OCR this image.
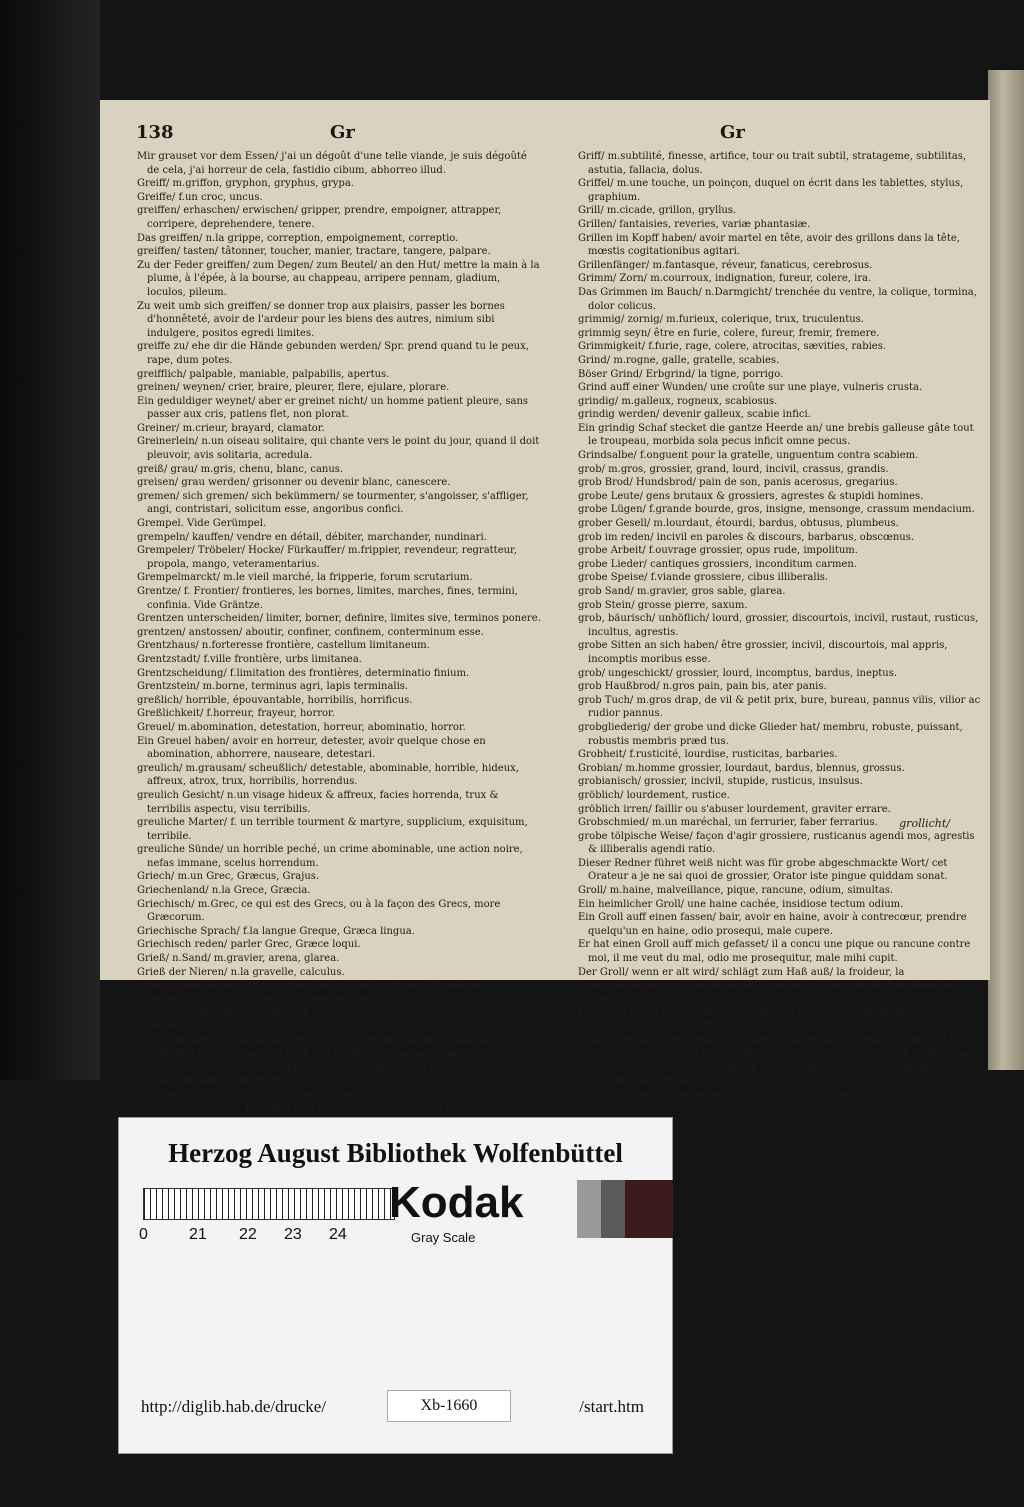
138	Gr	Gr

Mir grauset vor dem Essen/ j'ai un dégoût d'une telle viande, je suis dégoûté de cela, j'ai horreur de cela, fastidio cibum, abhorreo illud.

Greiff/ m.griffon, gryphon, gryphus, grypa.

Greiffe/ f.un croc, uncus.

greiffen/ erhaschen/ erwischen/ gripper, prendre, empoigner, attrapper, corripere, deprehendere, tenere.

Das greiffen/ n.la grippe, correption, empoignement, correptio.

greiffen/ tasten/ tâtonner, toucher, manier, tractare, tangere, palpare.

Zu der Feder greiffen/ zum Degen/ zum Beutel/ an den Hut/ mettre la main à la plume, à l'épée, à la bourse, au chappeau, arripere pennam, gladium, loculos, pileum.

Zu weit umb sich greiffen/ se donner trop aux plaisirs, passer les bornes d'honnêteté, avoir de l'ardeur pour les biens des autres, nimium sibi indulgere, positos egredi limites.

greiffe zu/ ehe dir die Hände gebunden werden/ Spr. prend quand tu le peux, rape, dum potes.

greifflich/ palpable, maniable, palpabilis, apertus.

greinen/ weynen/ crier, braire, pleurer, flere, ejulare, plorare.

Ein geduldiger weynet/ aber er greinet nicht/ un homme patient pleure, sans passer aux cris, patiens flet, non plorat.

Greiner/ m.crieur, brayard, clamator.

Greinerlein/ n.un oiseau solitaire, qui chante vers le point du jour, quand il doit pleuvoir, avis solitaria, acredula.

greiß/ grau/ m.gris, chenu, blanc, canus.

greisen/ grau werden/ grisonner ou devenir blanc, canescere.

gremen/ sich gremen/ sich bekümmern/ se tourmenter, s'angoisser, s'affliger, angi, contristari, solicitum esse, angoribus confici.

Grempel. Vide Gerümpel.

grempeln/ kauffen/ vendre en détail, débiter, marchander, nundinari.

Grempeler/ Tröbeler/ Hocke/ Fürkauffer/ m.frippier, revendeur, regratteur, propola, mango, veteramentarius.

Grempelmarckt/ m.le vieil marché, la fripperie, forum scrutarium.

Grentze/ f. Frontier/ frontieres, les bornes, limites, marches, fines, termini, confinia. Vide Gräntze.

Grentzen unterscheiden/ limiter, borner, definire, limites sive, terminos ponere.

grentzen/ anstossen/ aboutir, confiner, confinem, conterminum esse.

Grentzhaus/ n.forteresse frontière, castellum limitaneum.

Grentzstadt/ f.ville frontière, urbs limitanea.

Grentzscheidung/ f.limitation des frontières, determinatio finium.

Grentzstein/ m.borne, terminus agri, lapis terminalis.

greßlich/ horrible, épouvantable, horribilis, horrificus.

Greßlichkeit/ f.horreur, frayeur, horror.

Greuel/ m.abomination, detestation, horreur, abominatio, horror.

Ein Greuel haben/ avoir en horreur, detester, avoir quelque chose en abomination, abhorrere, nauseare, detestari.

greulich/ m.grausam/ scheußlich/ detestable, abominable, horrible, hideux, affreux, atrox, trux, horribilis, horrendus.

greulich Gesicht/ n.un visage hideux & affreux, facies horrenda, trux & terribilis aspectu, visu terribilis.

greuliche Marter/ f. un terrible tourment & martyre, supplicium, exquisitum, terribile.

greuliche Sünde/ un horrible peché, un crime abominable, une action noire, nefas immane, scelus horrendum.

Griech/ m.un Grec, Græcus, Grajus.

Griechenland/ n.la Grece, Græcia.

Griechisch/ m.Grec, ce qui est des Grecs, ou à la façon des Grecs, more Græcorum.

Griechische Sprach/ f.la langue Greque, Græca lingua.

Griechisch reden/ parler Grec, Græce loqui.

Grieß/ n.Sand/ m.gravier, arena, glarea.

Grieß der Nieren/ n.la gravelle, calculus.

griesgramen/ kirren/ grimacer les dents, faire la grimace, frendere.

griesselen/ avoir de l'horreur, horrere, pavere.

Es griesselt mir über den gantzen Leib/ tout le corps me tremble, toto corpore perhorresco.

Griesgrimmen/ n.indignation, depit, ennui, tædium, simultas, indignatio.

Grießmehl/ n.grosse farine à faire des bouillies, crimnum, crimnium.

Griff/ m.une poignée, autant qu'on peut empoigner d'une main, manipulus, quantum manu comprehendi potest.

Griff/ m.prise, arrachement, prehensio, tactus.

Griff Handhabe oder Henckel/ m.la poignée, le manche, ou l'anse, par où l'on

Griff/ m.subtilité, finesse, artifice, tour ou trait subtil, stratageme, subtilitas, astutia, fallacia, dolus.

Griffel/ m.une touche, un poinçon, duquel on écrit dans les tablettes, stylus, graphium.

Grill/ m.cicade, grillon, gryllus.

Grillen/ fantaisies, reveries, variæ phantasiæ.

Grillen im Kopff haben/ avoir martel en tête, avoir des grillons dans la tête, mœstis cogitationibus agitari.

Grillenfänger/ m.fantasque, réveur, fanaticus, cerebrosus.

Grimm/ Zorn/ m.courroux, indignation, fureur, colere, ira.

Das Grimmen im Bauch/ n.Darmgicht/ trenchée du ventre, la colique, tormina, dolor colicus.

grimmig/ zornig/ m.furieux, colerique, trux, truculentus.

grimmig seyn/ être en furie, colere, fureur, fremir, fremere.

Grimmigkeit/ f.furie, rage, colere, atrocitas, sævities, rabies.

Grind/ m.rogne, galle, gratelle, scabies.

Böser Grind/ Erbgrind/ la tigne, porrigo.

Grind auff einer Wunden/ une croûte sur une playe, vulneris crusta.

grindig/ m.galleux, rogneux, scabiosus.

grindig werden/ devenir galleux, scabie infici.

Ein grindig Schaf stecket die gantze Heerde an/ une brebis galleuse gâte tout le troupeau, morbida sola pecus inficit omne pecus.

Grindsalbe/ f.onguent pour la gratelle, unguentum contra scabiem.

grob/ m.gros, grossier, grand, lourd, incivil, crassus, grandis.

grob Brod/ Hundsbrod/ pain de son, panis acerosus, gregarius.

grobe Leute/ gens brutaux & grossiers, agrestes & stupidi homines.

grobe Lügen/ f.grande bourde, gros, insigne, mensonge, crassum mendacium.

grober Gesell/ m.lourdaut, étourdi, bardus, obtusus, plumbeus.

grob im reden/ incivil en paroles & discours, barbarus, obscœnus.

grobe Arbeit/ f.ouvrage grossier, opus rude, impolitum.

grobe Lieder/ cantiques grossiers, inconditum carmen.

grobe Speise/ f.viande grossiere, cibus illiberalis.

grob Sand/ m.gravier, gros sable, glarea.

grob Stein/ grosse pierre, saxum.

grob, bäurisch/ unhöflich/ lourd, grossier, discourtois, incivil, rustaut, rusticus, incultus, agrestis.

grobe Sitten an sich haben/ être grossier, incivil, discourtois, mal appris, incomptis moribus esse.

grob/ ungeschickt/ grossier, lourd, incomptus, bardus, ineptus.

grob Haußbrod/ n.gros pain, pain bis, ater panis.

grob Tuch/ m.gros drap, de vil & petit prix, bure, bureau, pannus vilis, vilior ac rudior pannus.

grobgliederig/ der grobe und dicke Glieder hat/ membru, robuste, puissant, robustis membris præd tus.

Grobheit/ f.rusticité, lourdise, rusticitas, barbaries.

Grobian/ m.homme grossier, lourdaut, bardus, blennus, grossus.

grobianisch/ grossier, incivil, stupide, rusticus, insulsus.

gröblich/ lourdement, rustice.

gröblich irren/ faillir ou s'abuser lourdement, graviter errare.

Grobschmied/ m.un maréchal, un ferrurier, faber ferrarius.

grobe tölpische Weise/ façon d'agir grossiere, rusticanus agendi mos, agrestis & illiberalis agendi ratio.

Dieser Redner führet weiß nicht was für grobe abgeschmackte Wort/ cet Orateur a je ne sai quoi de grossier, Orator iste pingue quiddam sonat.

Groll/ m.haine, malveillance, pique, rancune, odium, simultas.

Ein heimlicher Groll/ une haine cachée, insidiose tectum odium.

Ein Groll auff einen fassen/ bair, avoir en haine, avoir à contrecœur, prendre quelqu'un en haine, odio prosequi, male cupere.

Er hat einen Groll auff mich gefasset/ il a concu une pique ou rancune contre moi, il me veut du mal, odio me prosequitur, male mihi cupit.

Der Groll/ wenn er alt wird/ schlägt zum Haß auß/ la froideur, la mesintelligence qui vieillit devient une forte haine, simultas inveteratas transit in odium.

Den Groll fallen lassen/ deposer, quitter sa haine, simultatem deponere.

Ein Gemüth/ das einen offentlichen Groll trägt/ ist viel redlicher/ als das/ so unter freundlichen Gebärden seinen Groll verbirget/ l'esprit même qui hait ouvertement, est plus franc & plus noble, que celui qui sous un front d'ami cache & deguise sa haine, aperte odisse magis ingenuum est, quam fronte occultare sententiam.

grollen/ zürnen/ se facher ou courroucer, être indigné, irasci.

grollicht/
Herzog August Bibliothek Wolfenbüttel
0	21 22 23 24
Kodak
Gray Scale
http://diglib.hab.de/drucke/	Xb-1660	/start.htm
